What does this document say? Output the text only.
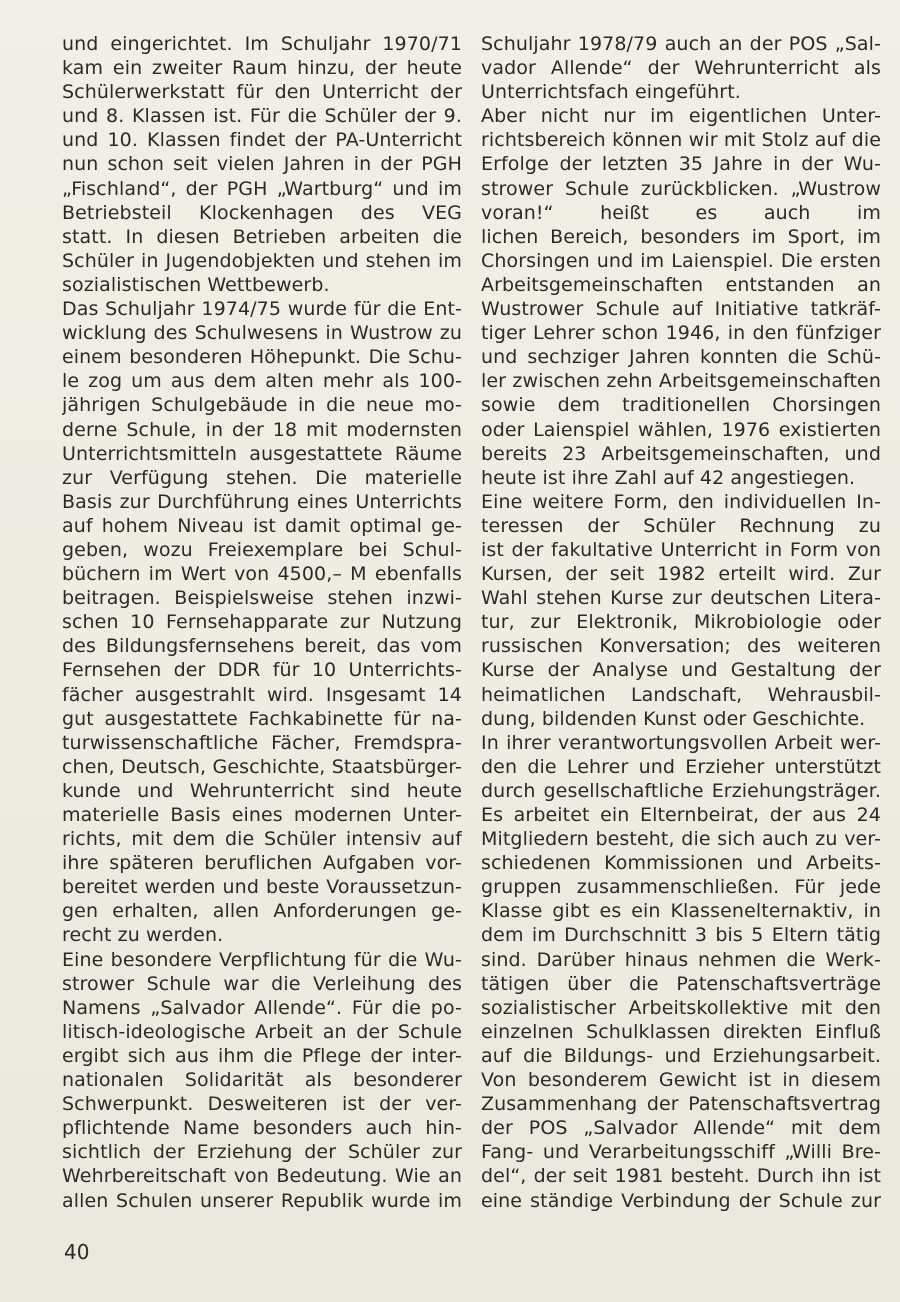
und eingerichtet. Im Schuljahr 1970/71
kam ein zweiter Raum hinzu, der heute
Schülerwerkstatt für den Unterricht der
und 8. Klassen ist. Für die Schüler der 9.
und 10. Klassen findet der PA-Unterricht
nun schon seit vielen Jahren in der PGH
„Fischland“, der PGH „Wartburg“ und im
Betriebsteil Klockenhagen des VEG
statt. In diesen Betrieben arbeiten die
Schüler in Jugendobjekten und stehen im
sozialistischen Wettbewerb.
Das Schuljahr 1974/75 wurde für die Ent-
wicklung des Schulwesens in Wustrow zu
einem besonderen Höhepunkt. Die Schu-
le zog um aus dem alten mehr als 100-
jährigen Schulgebäude in die neue mo-
derne Schule, in der 18 mit modernsten
Unterrichtsmitteln ausgestattete Räume
zur Verfügung stehen. Die materielle
Basis zur Durchführung eines Unterrichts
auf hohem Niveau ist damit optimal ge-
geben, wozu Freiexemplare bei Schul-
büchern im Wert von 4500,– M ebenfalls
beitragen. Beispielsweise stehen inzwi-
schen 10 Fernsehapparate zur Nutzung
des Bildungsfernsehens bereit, das vom
Fernsehen der DDR für 10 Unterrichts-
fächer ausgestrahlt wird. Insgesamt 14
gut ausgestattete Fachkabinette für na-
turwissenschaftliche Fächer, Fremdspra-
chen, Deutsch, Geschichte, Staatsbürger-
kunde und Wehrunterricht sind heute
materielle Basis eines modernen Unter-
richts, mit dem die Schüler intensiv auf
ihre späteren beruflichen Aufgaben vor-
bereitet werden und beste Voraussetzun-
gen erhalten, allen Anforderungen ge-
recht zu werden.
Eine besondere Verpflichtung für die Wu-
strower Schule war die Verleihung des
Namens „Salvador Allende“. Für die po-
litisch-ideologische Arbeit an der Schule
ergibt sich aus ihm die Pflege der inter-
nationalen Solidarität als besonderer
Schwerpunkt. Desweiteren ist der ver-
pflichtende Name besonders auch hin-
sichtlich der Erziehung der Schüler zur
Wehrbereitschaft von Bedeutung. Wie an
allen Schulen unserer Republik wurde im
Schuljahr 1978/79 auch an der POS „Sal-
vador Allende“ der Wehrunterricht als
Unterrichtsfach eingeführt.
Aber nicht nur im eigentlichen Unter-
richtsbereich können wir mit Stolz auf die
Erfolge der letzten 35 Jahre in der Wu-
strower Schule zurückblicken. „Wustrow
voran!“ heißt es auch im
lichen Bereich, besonders im Sport, im
Chorsingen und im Laienspiel. Die ersten
Arbeitsgemeinschaften entstanden an
Wustrower Schule auf Initiative tatkräf-
tiger Lehrer schon 1946, in den fünfziger
und sechziger Jahren konnten die Schü-
ler zwischen zehn Arbeitsgemeinschaften
sowie dem traditionellen Chorsingen
oder Laienspiel wählen, 1976 existierten
bereits 23 Arbeitsgemeinschaften, und
heute ist ihre Zahl auf 42 angestiegen.
Eine weitere Form, den individuellen In-
teressen der Schüler Rechnung zu
ist der fakultative Unterricht in Form von
Kursen, der seit 1982 erteilt wird. Zur
Wahl stehen Kurse zur deutschen Litera-
tur, zur Elektronik, Mikrobiologie oder
russischen Konversation; des weiteren
Kurse der Analyse und Gestaltung der
heimatlichen Landschaft, Wehrausbil-
dung, bildenden Kunst oder Geschichte.
In ihrer verantwortungsvollen Arbeit wer-
den die Lehrer und Erzieher unterstützt
durch gesellschaftliche Erziehungsträger.
Es arbeitet ein Elternbeirat, der aus 24
Mitgliedern besteht, die sich auch zu ver-
schiedenen Kommissionen und Arbeits-
gruppen zusammenschließen. Für jede
Klasse gibt es ein Klassenelternaktiv, in
dem im Durchschnitt 3 bis 5 Eltern tätig
sind. Darüber hinaus nehmen die Werk-
tätigen über die Patenschaftsverträge
sozialistischer Arbeitskollektive mit den
einzelnen Schulklassen direkten Einfluß
auf die Bildungs- und Erziehungsarbeit.
Von besonderem Gewicht ist in diesem
Zusammenhang der Patenschaftsvertrag
der POS „Salvador Allende“ mit dem
Fang- und Verarbeitungsschiff „Willi Bre-
del“, der seit 1981 besteht. Durch ihn ist
eine ständige Verbindung der Schule zur
40
